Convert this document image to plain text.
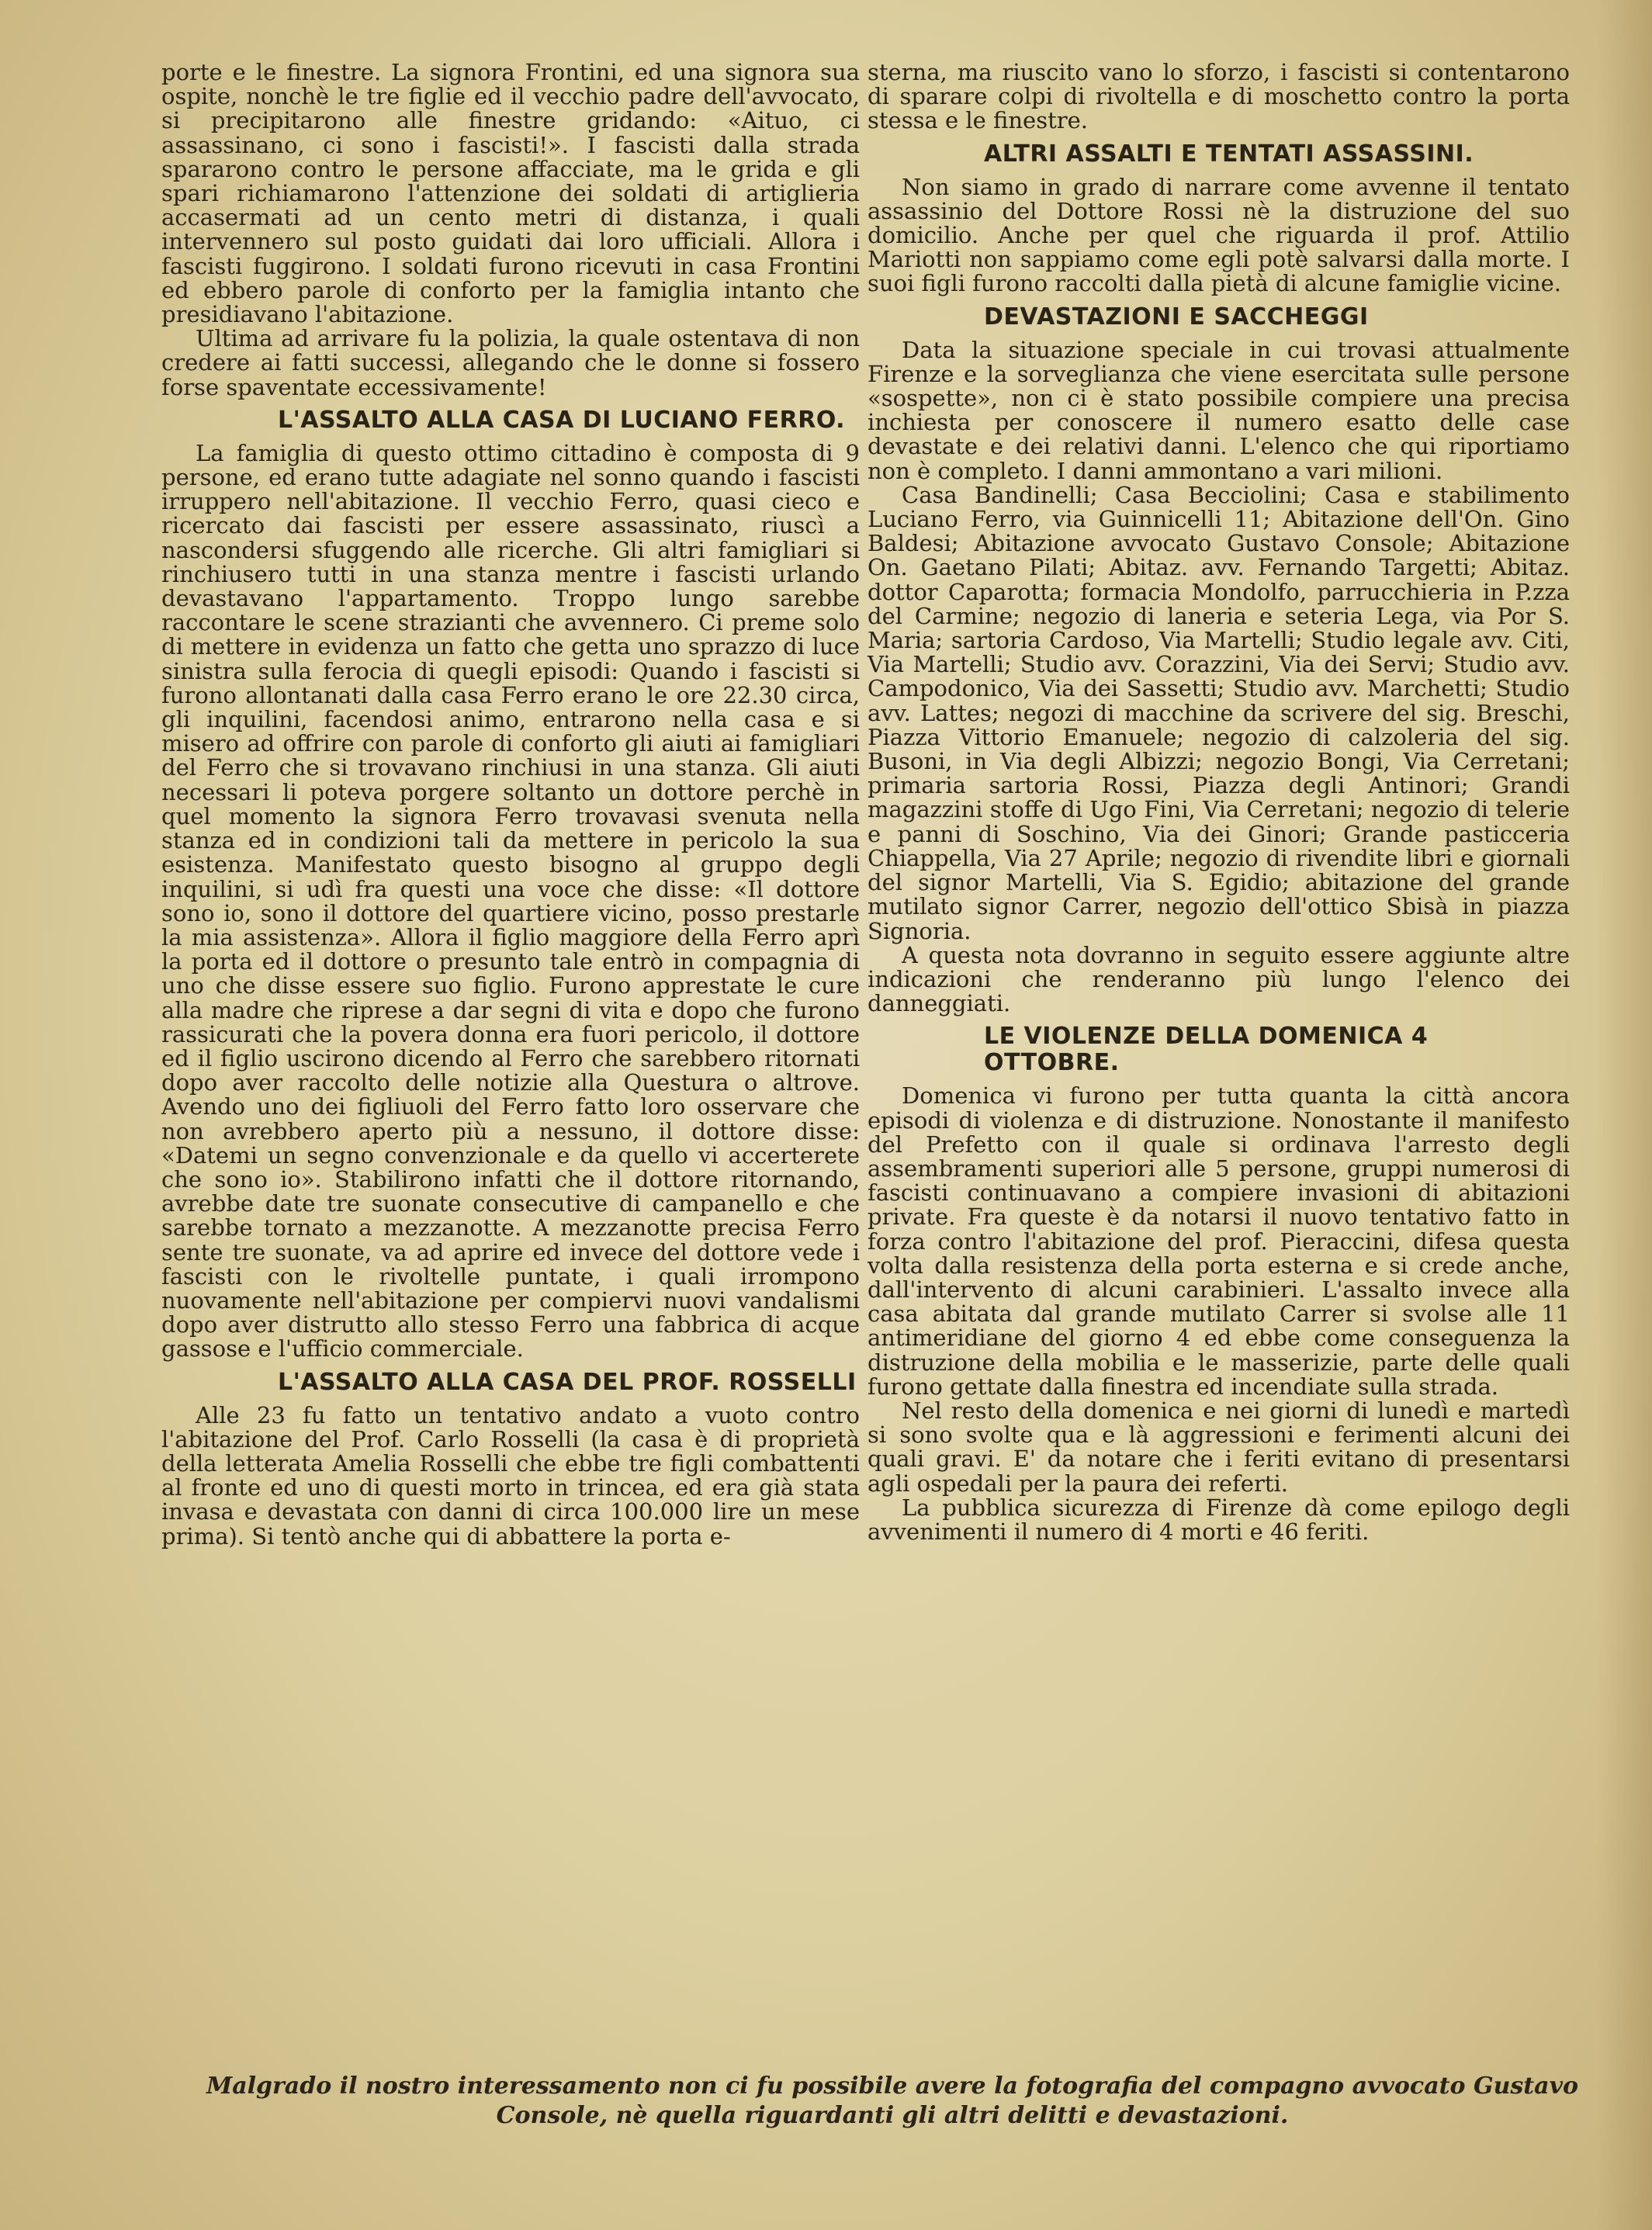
porte e le finestre. La signora Frontini, ed una signora sua ospite, nonchè le tre figlie ed il vecchio padre dell'avvocato, si precipitarono alle finestre gridando: «Aituo, ci assassinano, ci sono i fascisti!». I fascisti dalla strada spararono contro le persone affacciate, ma le grida e gli spari richiamarono l'attenzione dei soldati di artiglieria accasermati ad un cento metri di distanza, i quali intervennero sul posto guidati dai loro ufficiali. Allora i fascisti fuggirono. I soldati furono ricevuti in casa Frontini ed ebbero parole di conforto per la famiglia intanto che presidiavano l'abitazione.

Ultima ad arrivare fu la polizia, la quale ostentava di non credere ai fatti successi, allegando che le donne si fossero forse spaventate eccessivamente!

L'ASSALTO ALLA CASA DI LUCIANO FERRO.

La famiglia di questo ottimo cittadino è composta di 9 persone, ed erano tutte adagiate nel sonno quando i fascisti irruppero nell'abitazione. Il vecchio Ferro, quasi cieco e ricercato dai fascisti per essere assassinato, riuscì a nascondersi sfuggendo alle ricerche. Gli altri famigliari si rinchiusero tutti in una stanza mentre i fascisti urlando devastavano l'appartamento. Troppo lungo sarebbe raccontare le scene strazianti che avvennero. Ci preme solo di mettere in evidenza un fatto che getta uno sprazzo di luce sinistra sulla ferocia di quegli episodi: Quando i fascisti si furono allontanati dalla casa Ferro erano le ore 22.30 circa, gli inquilini, facendosi animo, entrarono nella casa e si misero ad offrire con parole di conforto gli aiuti ai famigliari del Ferro che si trovavano rinchiusi in una stanza. Gli aiuti necessari li poteva porgere soltanto un dottore perchè in quel momento la signora Ferro trovavasi svenuta nella stanza ed in condizioni tali da mettere in pericolo la sua esistenza. Manifestato questo bisogno al gruppo degli inquilini, si udì fra questi una voce che disse: «Il dottore sono io, sono il dottore del quartiere vicino, posso prestarle la mia assistenza». Allora il figlio maggiore della Ferro aprì la porta ed il dottore o presunto tale entrò in compagnia di uno che disse essere suo figlio. Furono apprestate le cure alla madre che riprese a dar segni di vita e dopo che furono rassicurati che la povera donna era fuori pericolo, il dottore ed il figlio uscirono dicendo al Ferro che sarebbero ritornati dopo aver raccolto delle notizie alla Questura o altrove. Avendo uno dei figliuoli del Ferro fatto loro osservare che non avrebbero aperto più a nessuno, il dottore disse: «Datemi un segno convenzionale e da quello vi accerterete che sono io». Stabilirono infatti che il dottore ritornando, avrebbe date tre suonate consecutive di campanello e che sarebbe tornato a mezzanotte. A mezzanotte precisa Ferro sente tre suonate, va ad aprire ed invece del dottore vede i fascisti con le rivoltelle puntate, i quali irrompono nuovamente nell'abitazione per compiervi nuovi vandalismi dopo aver distrutto allo stesso Ferro una fabbrica di acque gassose e l'ufficio commerciale.

L'ASSALTO ALLA CASA DEL PROF. ROSSELLI

Alle 23 fu fatto un tentativo andato a vuoto contro l'abitazione del Prof. Carlo Rosselli (la casa è di proprietà della letterata Amelia Rosselli che ebbe tre figli combattenti al fronte ed uno di questi morto in trincea, ed era già stata invasa e devastata con danni di circa 100.000 lire un mese prima). Si tentò anche qui di abbattere la porta e-

sterna, ma riuscito vano lo sforzo, i fascisti si contentarono di sparare colpi di rivoltella e di moschetto contro la porta stessa e le finestre.

ALTRI ASSALTI E TENTATI ASSASSINI.

Non siamo in grado di narrare come avvenne il tentato assassinio del Dottore Rossi nè la distruzione del suo domicilio. Anche per quel che riguarda il prof. Attilio Mariotti non sappiamo come egli potè salvarsi dalla morte. I suoi figli furono raccolti dalla pietà di alcune famiglie vicine.

DEVASTAZIONI E SACCHEGGI

Data la situazione speciale in cui trovasi attualmente Firenze e la sorveglianza che viene esercitata sulle persone «sospette», non ci è stato possibile compiere una precisa inchiesta per conoscere il numero esatto delle case devastate e dei relativi danni. L'elenco che qui riportiamo non è completo. I danni ammontano a vari milioni.

Casa Bandinelli; Casa Becciolini; Casa e stabilimento Luciano Ferro, via Guinnicelli 11; Abitazione dell'On. Gino Baldesi; Abitazione avvocato Gustavo Console; Abitazione On. Gaetano Pilati; Abitaz. avv. Fernando Targetti; Abitaz. dottor Caparotta; formacia Mondolfo, parrucchieria in P.zza del Carmine; negozio di laneria e seteria Lega, via Por S. Maria; sartoria Cardoso, Via Martelli; Studio legale avv. Citi, Via Martelli; Studio avv. Corazzini, Via dei Servi; Studio avv. Campodonico, Via dei Sassetti; Studio avv. Marchetti; Studio avv. Lattes; negozi di macchine da scrivere del sig. Breschi, Piazza Vittorio Emanuele; negozio di calzoleria del sig. Busoni, in Via degli Albizzi; negozio Bongi, Via Cerretani; primaria sartoria Rossi, Piazza degli Antinori; Grandi magazzini stoffe di Ugo Fini, Via Cerretani; negozio di telerie e panni di Soschino, Via dei Ginori; Grande pasticceria Chiappella, Via 27 Aprile; negozio di rivendite libri e giornali del signor Martelli, Via S. Egidio; abitazione del grande mutilato signor Carrer, negozio dell'ottico Sbisà in piazza Signoria.

A questa nota dovranno in seguito essere aggiunte altre indicazioni che renderanno più lungo l'elenco dei danneggiati.

LE VIOLENZE DELLA DOMENICA 4 OTTOBRE.

Domenica vi furono per tutta quanta la città ancora episodi di violenza e di distruzione. Nonostante il manifesto del Prefetto con il quale si ordinava l'arresto degli assembramenti superiori alle 5 persone, gruppi numerosi di fascisti continuavano a compiere invasioni di abitazioni private. Fra queste è da notarsi il nuovo tentativo fatto in forza contro l'abitazione del prof. Pieraccini, difesa questa volta dalla resistenza della porta esterna e si crede anche, dall'intervento di alcuni carabinieri. L'assalto invece alla casa abitata dal grande mutilato Carrer si svolse alle 11 antimeridiane del giorno 4 ed ebbe come conseguenza la distruzione della mobilia e le masserizie, parte delle quali furono gettate dalla finestra ed incendiate sulla strada.

Nel resto della domenica e nei giorni di lunedì e martedì si sono svolte qua e là aggressioni e ferimenti alcuni dei quali gravi. E' da notare che i feriti evitano di presentarsi agli ospedali per la paura dei referti.

La pubblica sicurezza di Firenze dà come epilogo degli avvenimenti il numero di 4 morti e 46 feriti.

Malgrado il nostro interessamento non ci fu possibile avere la fotografia del compagno avvocato Gustavo Console, nè quella riguardanti gli altri delitti e devastazioni.
